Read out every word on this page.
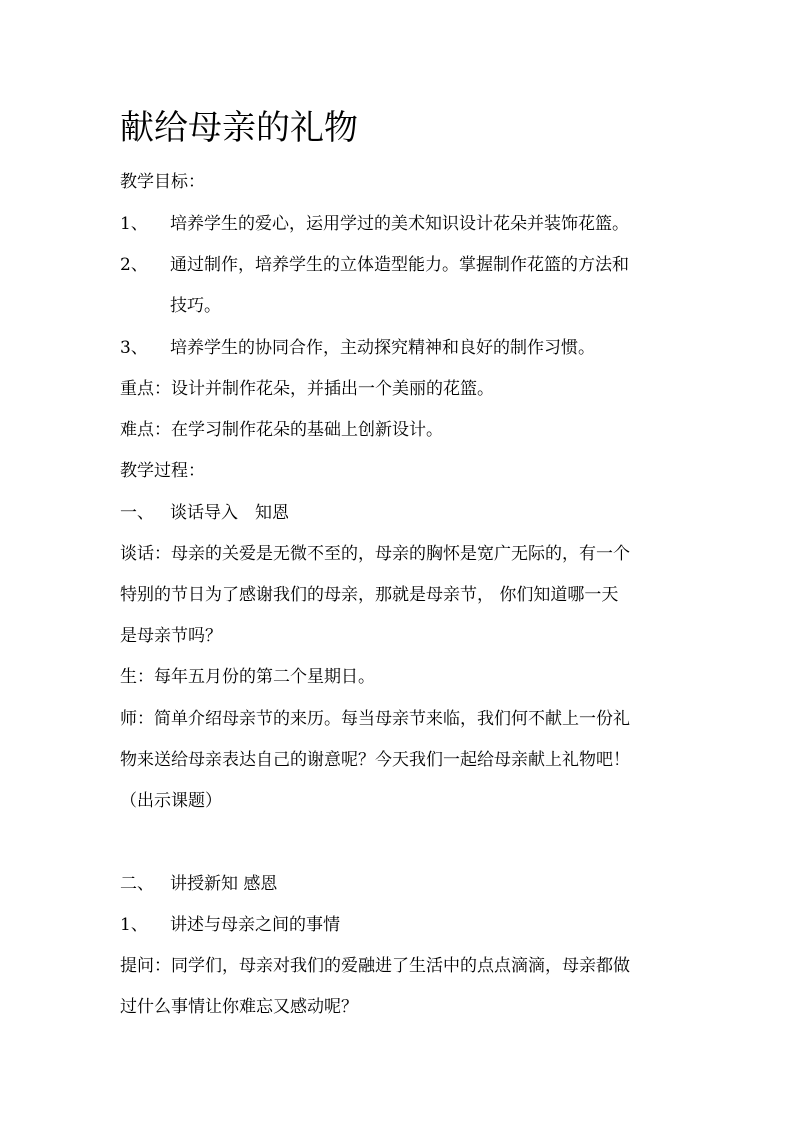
献给母亲的礼物
教学目标：
1、 培养学生的爱心，运用学过的美术知识设计花朵并装饰花篮。
2、 通过制作，培养学生的立体造型能力。掌握制作花篮的方法和
技巧。
3、 培养学生的协同合作，主动探究精神和良好的制作习惯。
重点：设计并制作花朵，并插出一个美丽的花篮。
难点：在学习制作花朵的基础上创新设计。
教学过程：
一、 谈话导入　知恩
谈话：母亲的关爱是无微不至的，母亲的胸怀是宽广无际的，有一个
特别的节日为了感谢我们的母亲，那就是母亲节， 你们知道哪一天
是母亲节吗？
生：每年五月份的第二个星期日。
师：简单介绍母亲节的来历。每当母亲节来临，我们何不献上一份礼
物来送给母亲表达自己的谢意呢？今天我们一起给母亲献上礼物吧！
（出示课题）
二、 讲授新知 感恩
1、 讲述与母亲之间的事情
提问：同学们，母亲对我们的爱融进了生活中的点点滴滴，母亲都做
过什么事情让你难忘又感动呢？
